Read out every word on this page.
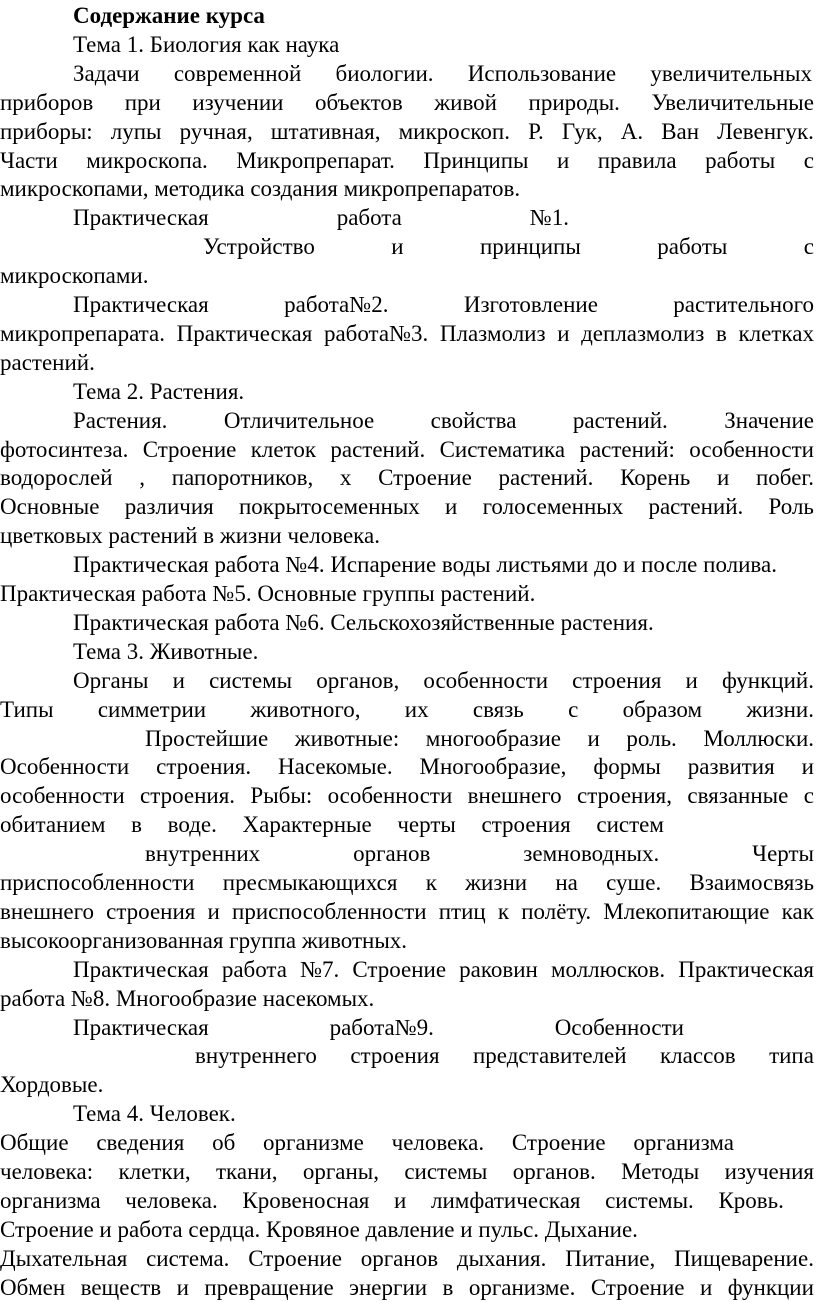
Содержание курса
Тема 1. Биология как наука
Задачи современной биологии. Использование увеличительных
приборов при изучении объектов живой природы. Увеличительные
приборы: лупы ручная, штативная, микроскоп. Р. Гук, А. Ван Левенгук.
Части микроскопа. Микропрепарат. Принципы и правила работы с
микроскопами, методика создания микропрепаратов.
Практическая	работа	№1.
Устройство	и	принципы	работы	с
микроскопами.
Практическая	работа№2.	Изготовление	растительного
микропрепарата. Практическая работа№3. Плазмолиз и деплазмолиз в клетках
растений.
Тема 2. Растения.
Растения. Отличительное свойства растений. Значение
фотосинтеза. Строение клеток растений. Систематика растений: особенности
водорослей , папоротников, х Строение растений. Корень и побег.
Основные различия покрытосеменных и голосеменных растений. Роль
цветковых растений в жизни человека.
Практическая работа №4. Испарение воды листьями до и после полива.
Практическая работа №5. Основные группы растений.
Практическая работа №6. Сельскохозяйственные растения.
Тема 3. Животные.
Органы и системы органов, особенности строения и функций.
Типы симметрии животного, их связь с образом жизни.
Простейшие животные: многообразие и роль. Моллюски.
Особенности строения. Насекомые. Многообразие, формы развития и
особенности строения. Рыбы: особенности внешнего строения, связанные с
обитанием в воде. Характерные черты строения систем
внутренних	органов	земноводных.	Черты
приспособленности пресмыкающихся к жизни на суше. Взаимосвязь
внешнего строения и приспособленности птиц к полёту. Млекопитающие как
высокоорганизованная группа животных.
Практическая работа №7. Строение раковин моллюсков. Практическая
работа №8. Многообразие насекомых.
Практическая	работа№9.	Особенности
внутреннего строения представителей классов типа
Хордовые.
Тема 4. Человек.
Общие сведения об организме человека. Строение организма
человека: клетки, ткани, органы, системы органов. Методы изучения
организма человека. Кровеносная и лимфатическая системы. Кровь.
Строение и работа сердца. Кровяное давление и пульс. Дыхание.
Дыхательная система. Строение органов дыхания. Питание, Пищеварение.
Обмен веществ и превращение энергии в организме. Строение и функции
